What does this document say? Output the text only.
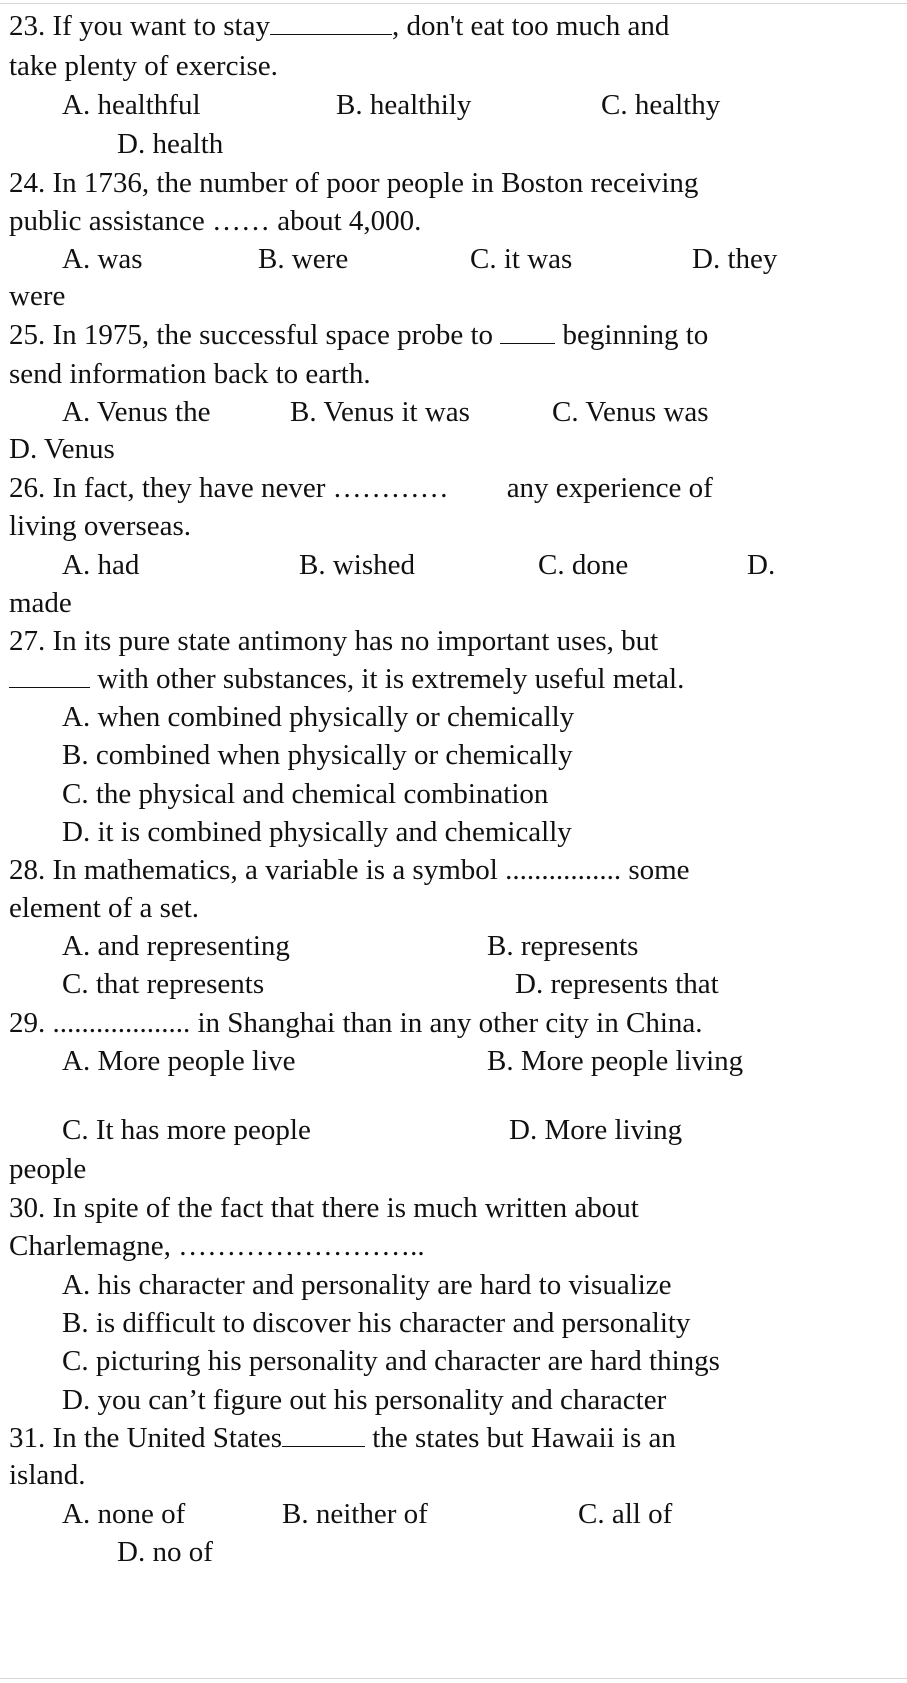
23. If you want to stay	, don't eat too much and
take plenty of exercise.
A. healthful	B. healthily	C. healthy
D. health
24. In 1736, the number of poor people in Boston receiving
public assistance …… about 4,000.
A. was	B. were	C. it was	D. they
were
25. In 1975, the successful space probe to  beginning to
send information back to earth.
A. Venus the	B. Venus it was	C. Venus was
D. Venus
26. In fact, they have never ………… any experience of
living overseas.
A. had	B. wished	C. done	D.
made
27. In its pure state antimony has no important uses, but
with other substances, it is extremely useful metal.
A. when combined physically or chemically
B. combined when physically or chemically
C. the physical and chemical combination
D. it is combined physically and chemically
28. In mathematics, a variable is a symbol ................ some
element of a set.
A. and representing	B. represents
C. that represents	D. represents that
29. ................... in Shanghai than in any other city in China.
A. More people live	B. More people living
C. It has more people	D. More living
people
30. In spite of the fact that there is much written about
Charlemagne, ……………………..
A. his character and personality are hard to visualize
B. is difficult to discover his character and personality
C. picturing his personality and character are hard things
D. you can’t figure out his personality and character
31. In the United States	the states but Hawaii is an
island.
A. none of	B. neither of	C. all of
D. no of
